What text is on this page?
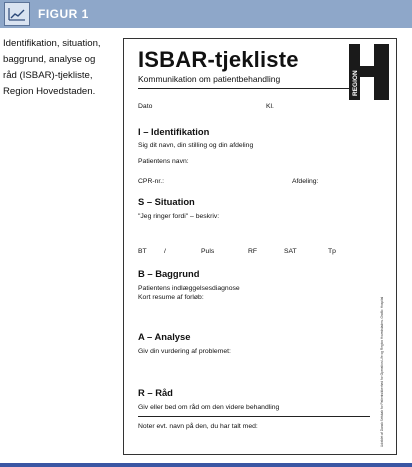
FIGUR 1
Identifikation, situation, baggrund, analyse og råd (ISBAR)-tjekliste, Region Hovedstaden.
ISBAR-tjekliste
Kommunikation om patientbehandling	REGION
Dato	Kl.
I – Identifikation
Sig dit navn, din stilling og din afdeling
Patientens navn:
CPR-nr.:	Afdeling:
S – Situation
"Jeg ringer fordi" – beskriv:
BT	/	Puls	RF	SAT	Tp
B – Baggrund
Patientens indlæggelsesdiagnose
Kort resume af forløb:
A – Analyse
Giv din vurdering af problemet:
R – Råd
Giv eller bed om råd om den videre behandling
Noter evt. navn på den, du har talt med:	Udviklet af Dansk Selskab for Patientsikkerhed for Operation Life og Region Hovedstaden. Grafik: Hospital
